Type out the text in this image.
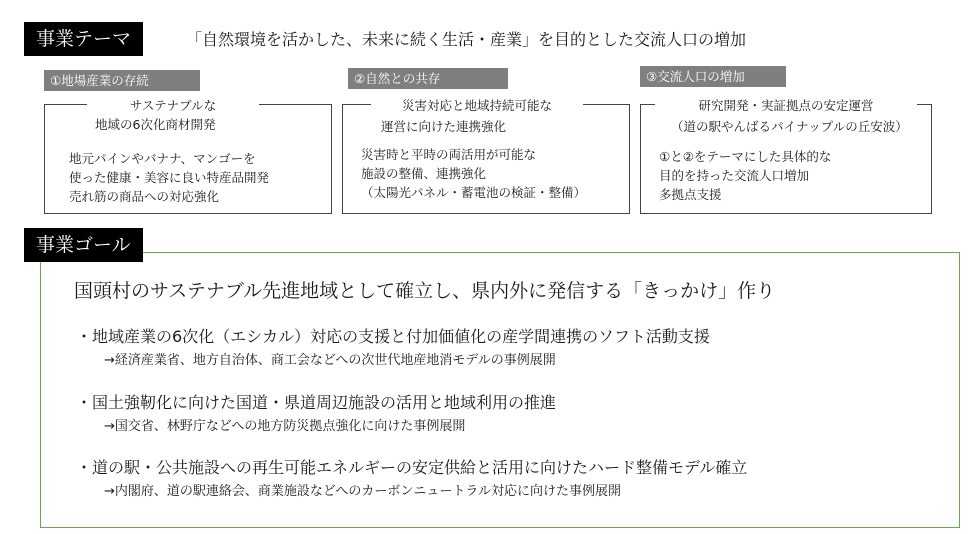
事業テーマ	「自然環境を活かした、未来に続く生活・産業」を目的とした交流人口の増加
①地場産業の存続
サステナブルな
地域の6次化商材開発
地元パインやバナナ、マンゴーを
使った健康・美容に良い特産品開発
売れ筋の商品への対応強化
②自然との共存
災害対応と地域持続可能な
運営に向けた連携強化
災害時と平時の両活用が可能な
施設の整備、連携強化
（太陽光パネル・蓄電池の検証・整備）
③交流人口の増加
研究開発・実証拠点の安定運営
（道の駅やんばるパイナップルの丘安波）
①と②をテーマにした具体的な
目的を持った交流人口増加
多拠点支援
事業ゴール
国頭村のサステナブル先進地域として確立し、県内外に発信する「きっかけ」作り
・地域産業の6次化（エシカル）対応の支援と付加価値化の産学間連携のソフト活動支援
→経済産業省、地方自治体、商工会などへの次世代地産地消モデルの事例展開
・国土強靭化に向けた国道・県道周辺施設の活用と地域利用の推進
→国交省、林野庁などへの地方防災拠点強化に向けた事例展開
・道の駅・公共施設への再生可能エネルギーの安定供給と活用に向けたハード整備モデル確立
→内閣府、道の駅連絡会、商業施設などへのカーボンニュートラル対応に向けた事例展開
